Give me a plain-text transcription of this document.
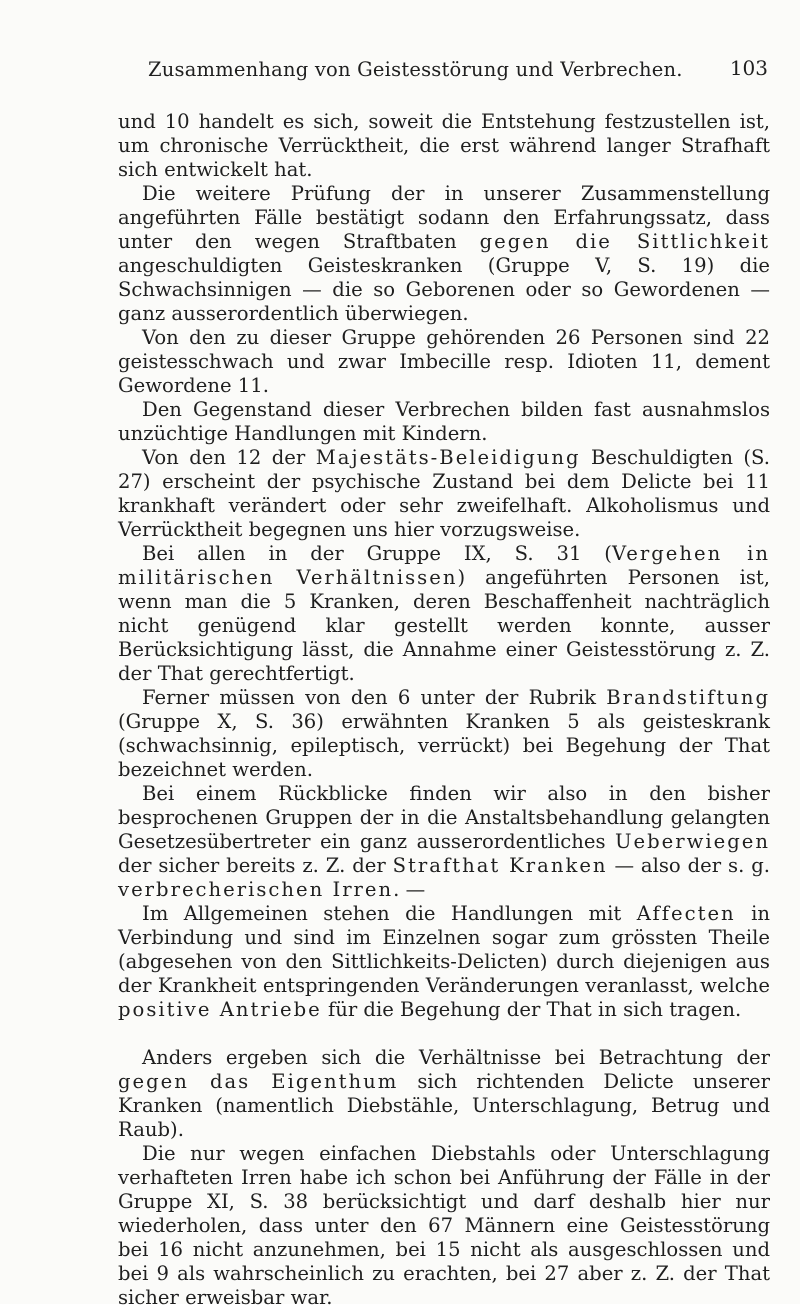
Zusammenhang von Geistesstörung und Verbrechen. 103

und 10 handelt es sich, soweit die Entstehung festzustellen ist, um chronische Verrücktheit, die erst während langer Strafhaft sich entwickelt hat.

Die weitere Prüfung der in unserer Zusammenstellung angeführten Fälle bestätigt sodann den Erfahrungssatz, dass unter den wegen Straftbaten gegen die Sittlichkeit angeschuldigten Geisteskranken (Gruppe V, S. 19) die Schwachsinnigen — die so Geborenen oder so Gewordenen — ganz ausserordentlich überwiegen.

Von den zu dieser Gruppe gehörenden 26 Personen sind 22 geistesschwach und zwar Imbecille resp. Idioten 11, dement Gewordene 11.

Den Gegenstand dieser Verbrechen bilden fast ausnahmslos unzüchtige Handlungen mit Kindern.

Von den 12 der Majestäts-Beleidigung Beschuldigten (S. 27) erscheint der psychische Zustand bei dem Delicte bei 11 krankhaft verändert oder sehr zweifelhaft. Alkoholismus und Verrücktheit begegnen uns hier vorzugsweise.

Bei allen in der Gruppe IX, S. 31 (Vergehen in militärischen Verhältnissen) angeführten Personen ist, wenn man die 5 Kranken, deren Beschaffenheit nachträglich nicht genügend klar gestellt werden konnte, ausser Berücksichtigung lässt, die Annahme einer Geistesstörung z. Z. der That gerechtfertigt.

Ferner müssen von den 6 unter der Rubrik Brandstiftung (Gruppe X, S. 36) erwähnten Kranken 5 als geisteskrank (schwachsinnig, epileptisch, verrückt) bei Begehung der That bezeichnet werden.

Bei einem Rückblicke finden wir also in den bisher besprochenen Gruppen der in die Anstaltsbehandlung gelangten Gesetzesübertreter ein ganz ausserordentliches Ueberwiegen der sicher bereits z. Z. der Strafthat Kranken — also der s. g. verbrecherischen Irren. —

Im Allgemeinen stehen die Handlungen mit Affecten in Verbindung und sind im Einzelnen sogar zum grössten Theile (abgesehen von den Sittlichkeits-Delicten) durch diejenigen aus der Krankheit entspringenden Veränderungen veranlasst, welche positive Antriebe für die Begehung der That in sich tragen.

Anders ergeben sich die Verhältnisse bei Betrachtung der gegen das Eigenthum sich richtenden Delicte unserer Kranken (namentlich Diebstähle, Unterschlagung, Betrug und Raub).

Die nur wegen einfachen Diebstahls oder Unterschlagung verhafteten Irren habe ich schon bei Anführung der Fälle in der Gruppe XI, S. 38 berücksichtigt und darf deshalb hier nur wiederholen, dass unter den 67 Männern eine Geistesstörung bei 16 nicht anzunehmen, bei 15 nicht als ausgeschlossen und bei 9 als wahrscheinlich zu erachten, bei 27 aber z. Z. der That sicher erweisbar war.
